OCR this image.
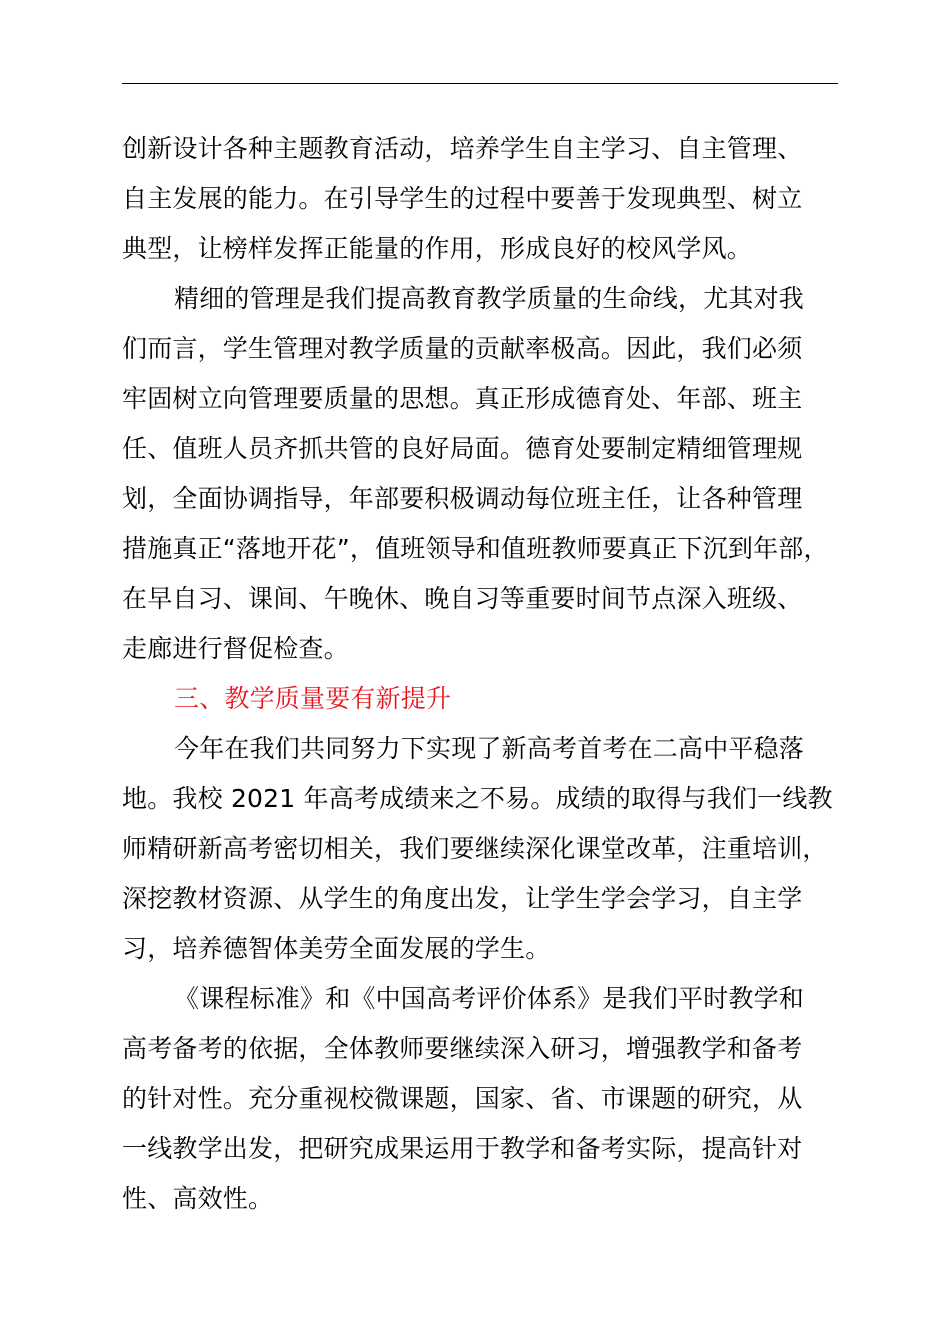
创新设计各种主题教育活动，培养学生自主学习、自主管理、
自主发展的能力。在引导学生的过程中要善于发现典型、树立
典型，让榜样发挥正能量的作用，形成良好的校风学风。
精细的管理是我们提高教育教学质量的生命线，尤其对我
们而言，学生管理对教学质量的贡献率极高。因此，我们必须
牢固树立向管理要质量的思想。真正形成德育处、年部、班主
任、值班人员齐抓共管的良好局面。德育处要制定精细管理规
划，全面协调指导，年部要积极调动每位班主任，让各种管理
措施真正“落地开花”，值班领导和值班教师要真正下沉到年部，
在早自习、课间、午晚休、晚自习等重要时间节点深入班级、
走廊进行督促检查。
三、教学质量要有新提升
今年在我们共同努力下实现了新高考首考在二高中平稳落
地。我校 2021 年高考成绩来之不易。成绩的取得与我们一线教
师精研新高考密切相关，我们要继续深化课堂改革，注重培训，
深挖教材资源、从学生的角度出发，让学生学会学习，自主学
习，培养德智体美劳全面发展的学生。
《课程标准》和《中国高考评价体系》是我们平时教学和
高考备考的依据，全体教师要继续深入研习，增强教学和备考
的针对性。充分重视校微课题，国家、省、市课题的研究，从
一线教学出发，把研究成果运用于教学和备考实际，提高针对
性、高效性。
